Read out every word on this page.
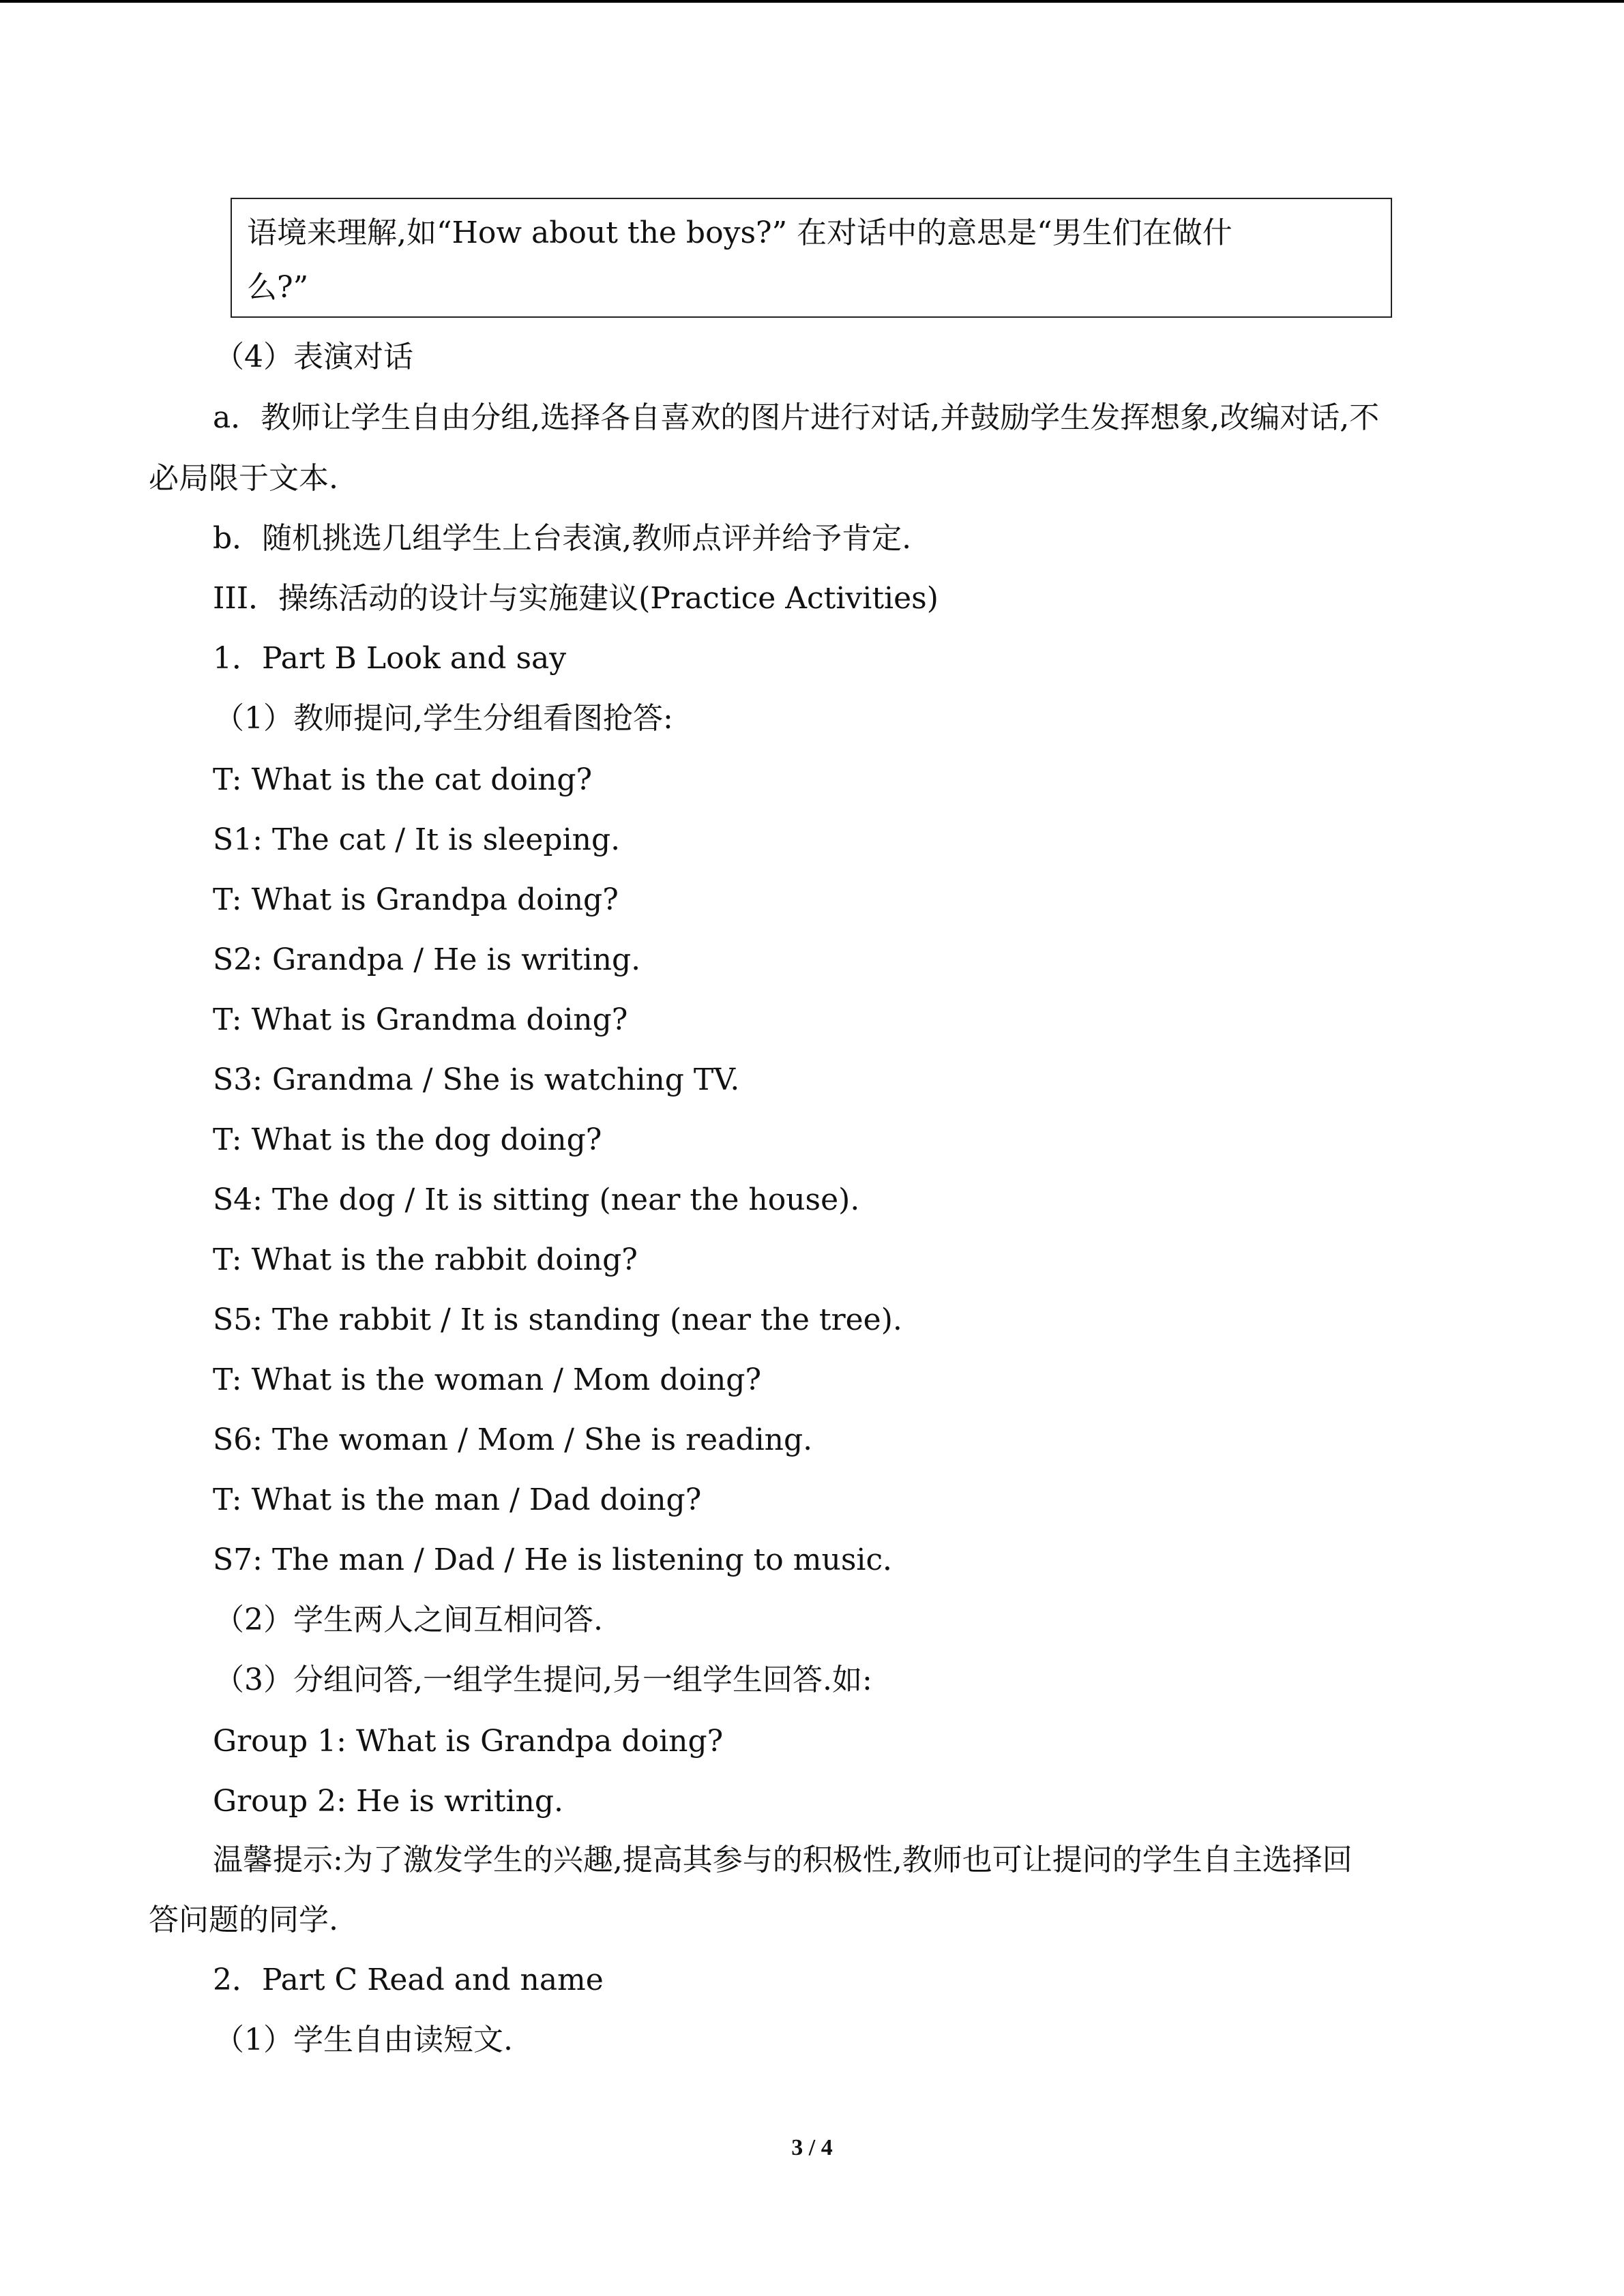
语境来理解,如“How about the boys?” 在对话中的意思是“男生们在做什
么?”
（4）表演对话
a．教师让学生自由分组,选择各自喜欢的图片进行对话,并鼓励学生发挥想象,改编对话,不
必局限于文本.
b．随机挑选几组学生上台表演,教师点评并给予肯定.
III．操练活动的设计与实施建议(Practice Activities)
1．Part B Look and say
（1）教师提问,学生分组看图抢答:
T: What is the cat doing?
S1: The cat / It is sleeping.
T: What is Grandpa doing?
S2: Grandpa / He is writing.
T: What is Grandma doing?
S3: Grandma / She is watching TV.
T: What is the dog doing?
S4: The dog / It is sitting (near the house).
T: What is the rabbit doing?
S5: The rabbit / It is standing (near the tree).
T: What is the woman / Mom doing?
S6: The woman / Mom / She is reading.
T: What is the man / Dad doing?
S7: The man / Dad / He is listening to music．
（2）学生两人之间互相问答.
（3）分组问答,一组学生提问,另一组学生回答.如:
Group 1: What is Grandpa doing?
Group 2: He is writing.
温馨提示:为了激发学生的兴趣,提高其参与的积极性,教师也可让提问的学生自主选择回
答问题的同学.
2．Part C Read and name
（1）学生自由读短文.
3 / 4
